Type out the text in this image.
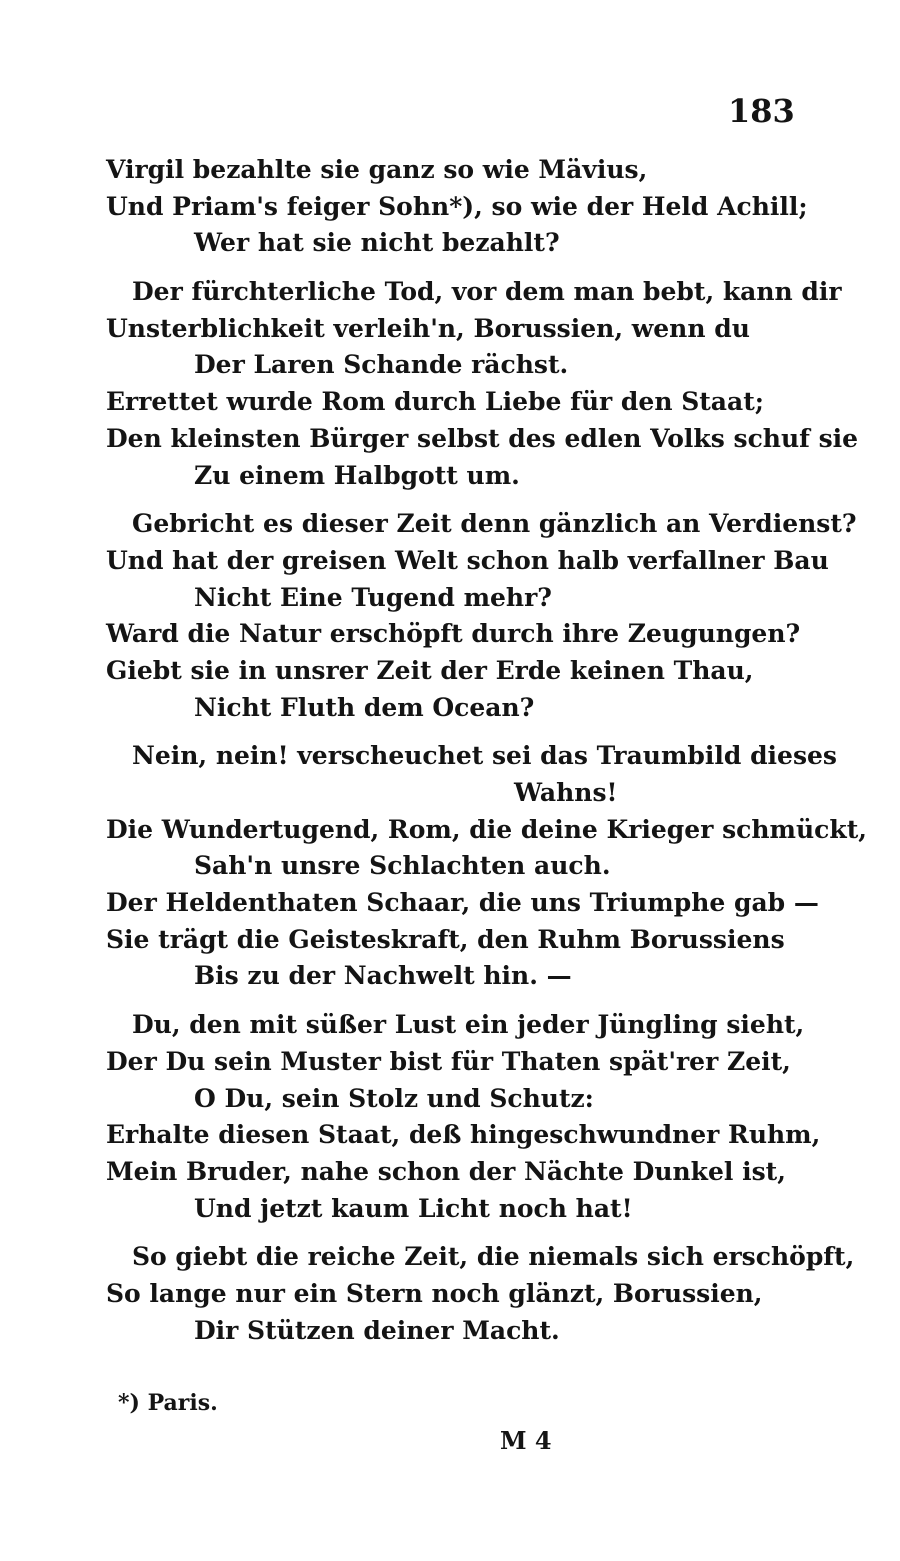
183
Virgil bezahlte sie ganz so wie Mävius,
Und Priam's feiger Sohn*), so wie der Held Achill;
Wer hat sie nicht bezahlt?
Der fürchterliche Tod, vor dem man bebt, kann dir
Unsterblichkeit verleih'n, Borussien, wenn du
Der Laren Schande rächst.
Errettet wurde Rom durch Liebe für den Staat;
Den kleinsten Bürger selbst des edlen Volks schuf sie
Zu einem Halbgott um.
Gebricht es dieser Zeit denn gänzlich an Verdienst?
Und hat der greisen Welt schon halb verfallner Bau
Nicht Eine Tugend mehr?
Ward die Natur erschöpft durch ihre Zeugungen?
Giebt sie in unsrer Zeit der Erde keinen Thau,
Nicht Fluth dem Ocean?
Nein, nein! verscheuchet sei das Traumbild dieses
Wahns!
Die Wundertugend, Rom, die deine Krieger schmückt,
Sah'n unsre Schlachten auch.
Der Heldenthaten Schaar, die uns Triumphe gab —
Sie trägt die Geisteskraft, den Ruhm Borussiens
Bis zu der Nachwelt hin. —
Du, den mit süßer Lust ein jeder Jüngling sieht,
Der Du sein Muster bist für Thaten spät'rer Zeit,
O Du, sein Stolz und Schutz:
Erhalte diesen Staat, deß hingeschwundner Ruhm,
Mein Bruder, nahe schon der Nächte Dunkel ist,
Und jetzt kaum Licht noch hat!
So giebt die reiche Zeit, die niemals sich erschöpft,
So lange nur ein Stern noch glänzt, Borussien,
Dir Stützen deiner Macht.
*) Paris.
M 4
